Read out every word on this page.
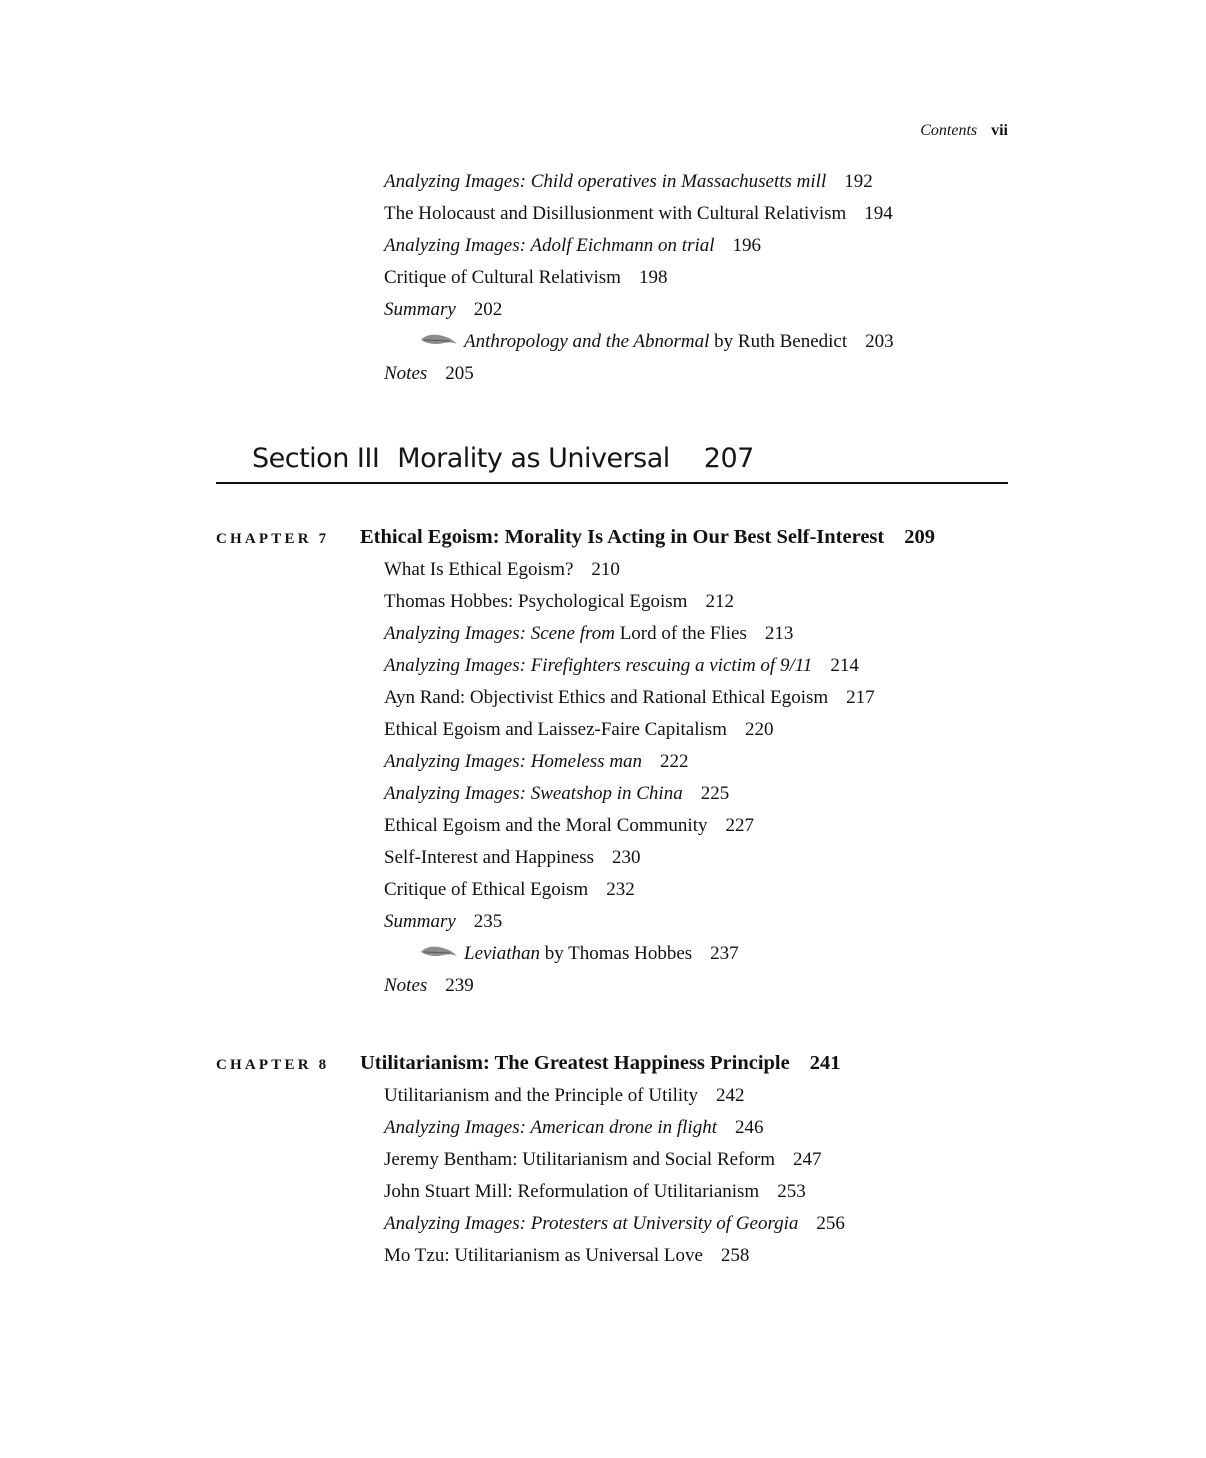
Contents vii
Analyzing Images: Child operatives in Massachusetts mill 192
The Holocaust and Disillusionment with Cultural Relativism 194
Analyzing Images: Adolf Eichmann on trial 196
Critique of Cultural Relativism 198
Summary 202
Anthropology and the Abnormal by Ruth Benedict 203
Notes 205
Section III Morality as Universal 207
CHAPTER 7 Ethical Egoism: Morality Is Acting in Our Best Self-Interest 209
What Is Ethical Egoism? 210
Thomas Hobbes: Psychological Egoism 212
Analyzing Images: Scene from Lord of the Flies 213
Analyzing Images: Firefighters rescuing a victim of 9/11 214
Ayn Rand: Objectivist Ethics and Rational Ethical Egoism 217
Ethical Egoism and Laissez-Faire Capitalism 220
Analyzing Images: Homeless man 222
Analyzing Images: Sweatshop in China 225
Ethical Egoism and the Moral Community 227
Self-Interest and Happiness 230
Critique of Ethical Egoism 232
Summary 235
Leviathan by Thomas Hobbes 237
Notes 239
CHAPTER 8 Utilitarianism: The Greatest Happiness Principle 241
Utilitarianism and the Principle of Utility 242
Analyzing Images: American drone in flight 246
Jeremy Bentham: Utilitarianism and Social Reform 247
John Stuart Mill: Reformulation of Utilitarianism 253
Analyzing Images: Protesters at University of Georgia 256
Mo Tzu: Utilitarianism as Universal Love 258
